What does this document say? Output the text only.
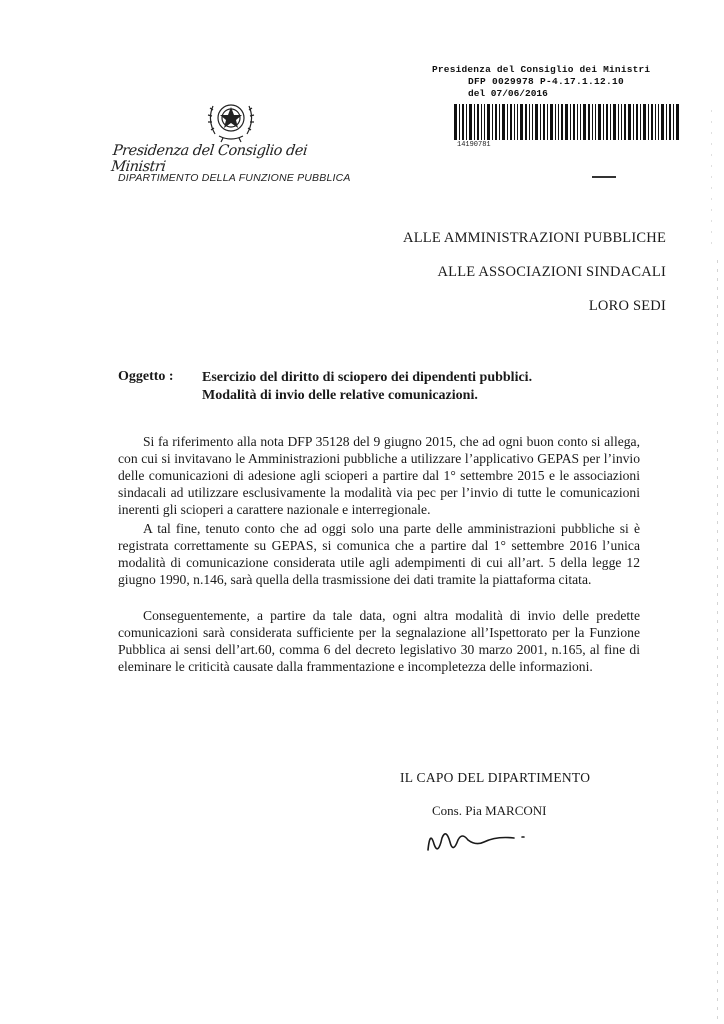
Presidenza del Consiglio dei Ministri
DFP 0029978 P-4.17.1.12.10
del 07/06/2016
14190781
Presidenza del Consiglio dei Ministri
DIPARTIMENTO DELLA FUNZIONE PUBBLICA
ALLE AMMINISTRAZIONI PUBBLICHE
ALLE ASSOCIAZIONI SINDACALI
LORO SEDI
Oggetto : Esercizio del diritto di sciopero dei dipendenti pubblici.
Modalità di invio delle relative comunicazioni.
Si fa riferimento alla nota DFP 35128 del 9 giugno 2015, che ad ogni buon conto si allega, con cui si invitavano le Amministrazioni pubbliche a utilizzare l’applicativo GEPAS per l’invio delle comunicazioni di adesione agli scioperi a partire dal 1° settembre 2015 e le associazioni sindacali ad utilizzare esclusivamente la modalità via pec per l’invio di tutte le comunicazioni inerenti gli scioperi a carattere nazionale e interregionale.
A tal fine, tenuto conto che ad oggi solo una parte delle amministrazioni pubbliche si è registrata correttamente su GEPAS, si comunica che a partire dal 1° settembre 2016 l’unica modalità di comunicazione considerata utile agli adempimenti di cui all’art. 5 della legge 12 giugno 1990, n.146, sarà quella della trasmissione dei dati tramite la piattaforma citata.
Conseguentemente, a partire da tale data, ogni altra modalità di invio delle predette comunicazioni sarà considerata sufficiente per la segnalazione all’Ispettorato per la Funzione Pubblica ai sensi dell’art.60, comma 6 del decreto legislativo 30 marzo 2001, n.165, al fine di eleminare le criticità causate dalla frammentazione e incompletezza delle informazioni.
IL CAPO DEL DIPARTIMENTO
Cons. Pia MARCONI
